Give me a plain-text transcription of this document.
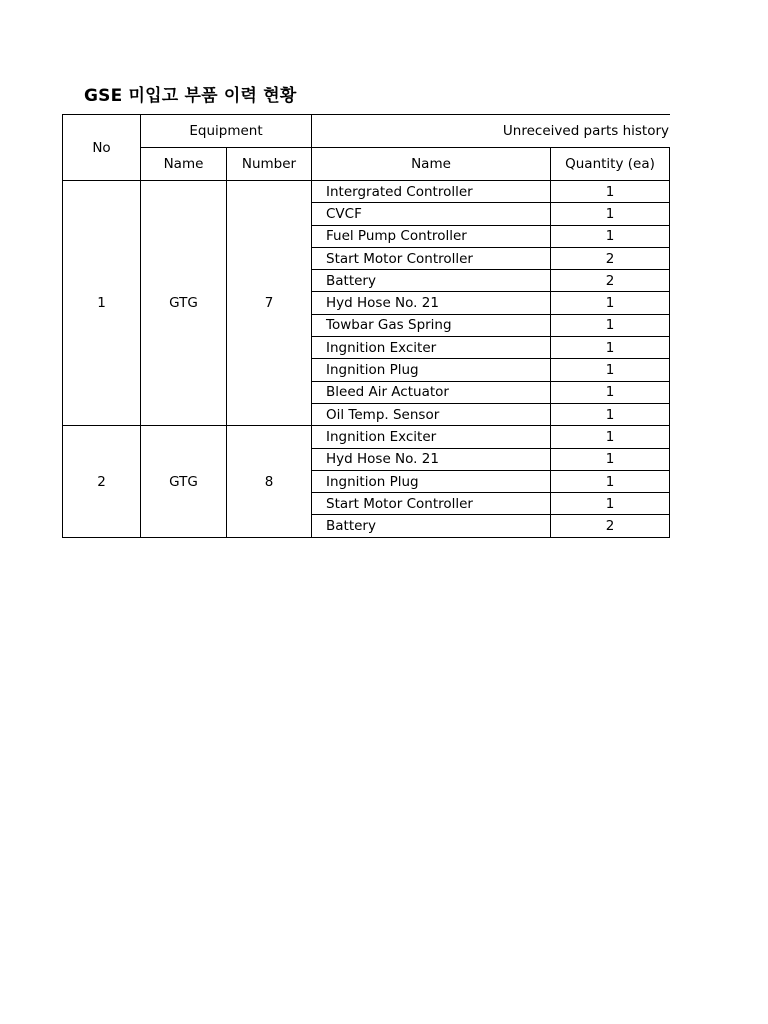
GSE 미입고 부품 이력 현황
No	Equipment		Unreceived parts history		

	Name	Number	Name	Quantity (ea)	
1	GTG	7	Intergrated Controller	1	
			CVCF	1	
			Fuel Pump Controller	1	
			Start Motor Controller	2	
			Battery	2	
			Hyd Hose No. 21	1	
			Towbar Gas Spring	1	
			Ingnition Exciter	1	
			Ingnition Plug	1	
			Bleed Air Actuator	1	
			Oil Temp. Sensor	1	
2	GTG	8	Ingnition Exciter	1	
			Hyd Hose No. 21	1	
			Ingnition Plug	1	
			Start Motor Controller	1	
			Battery	2	
